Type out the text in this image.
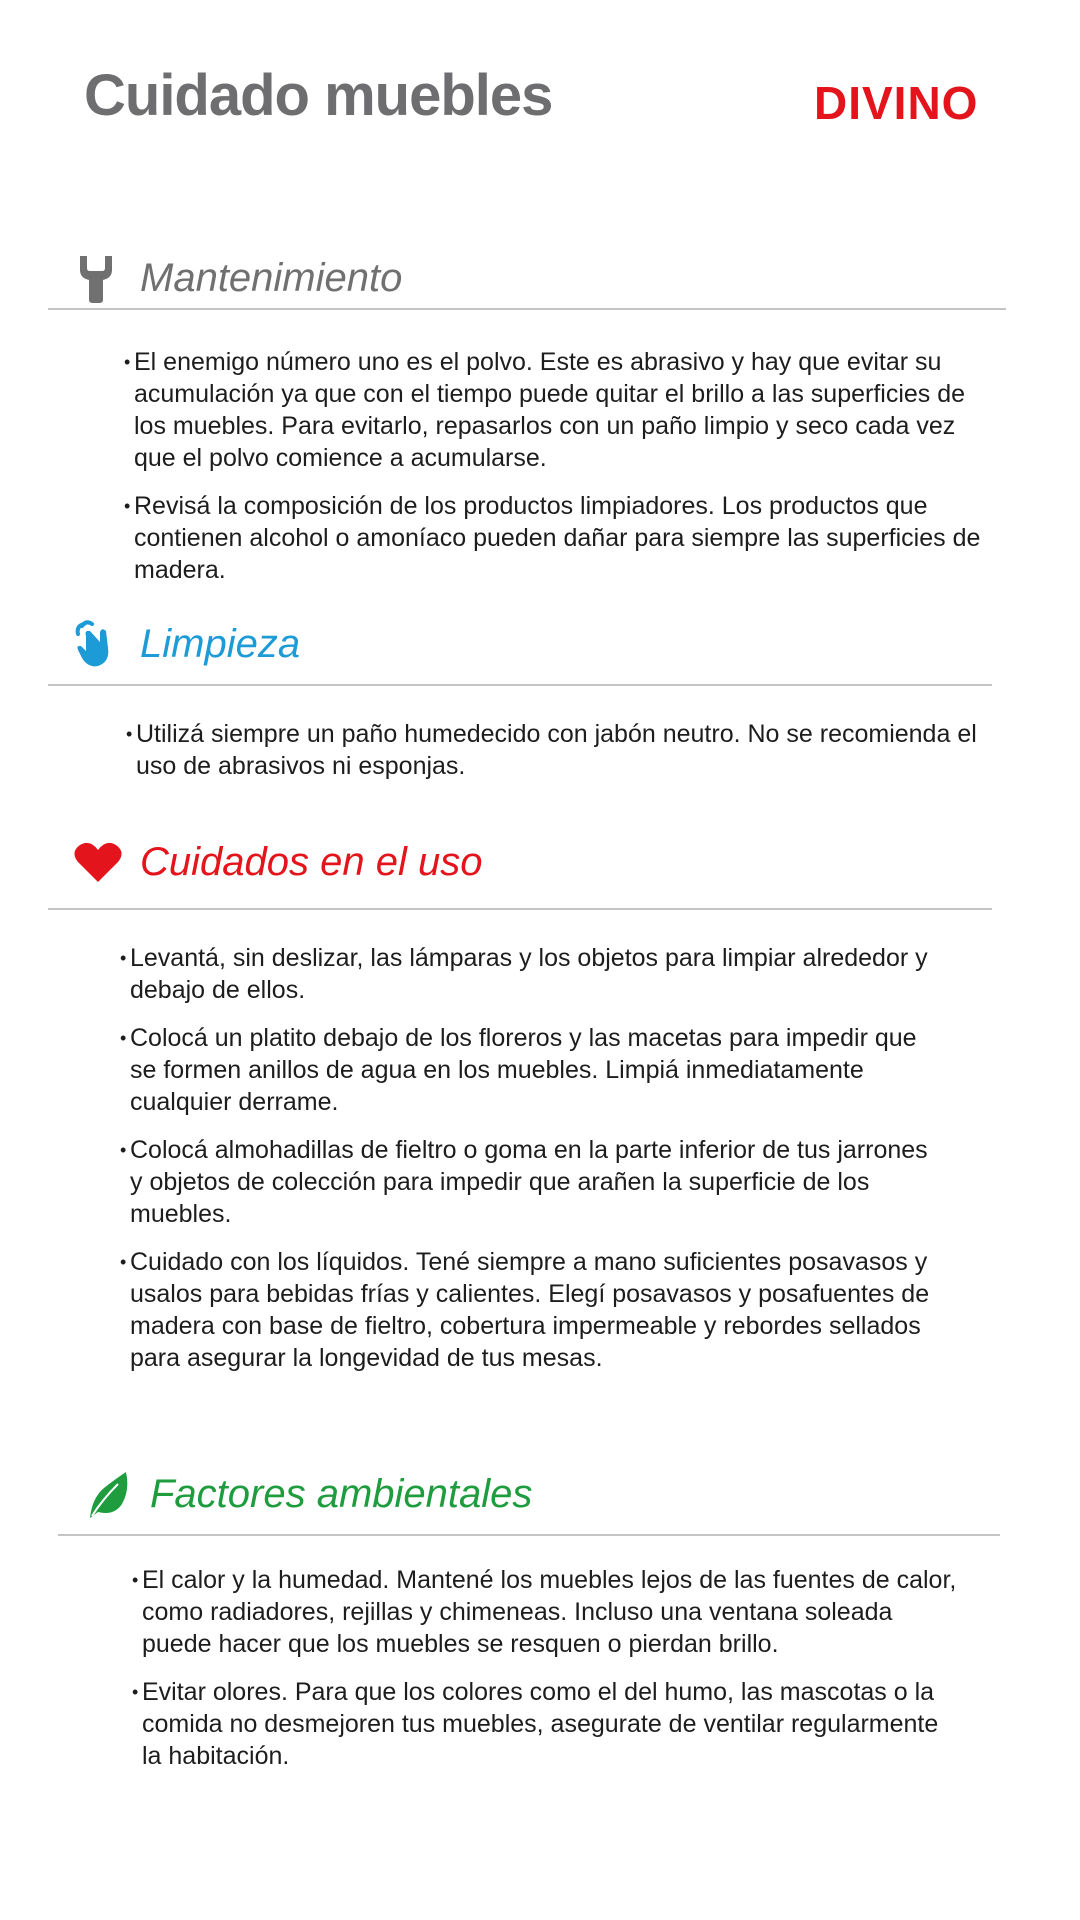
Cuidado muebles	DIVINO
Mantenimiento
• El enemigo número uno es el polvo. Este es abrasivo y hay que evitar su acumulación ya que con el tiempo puede quitar el brillo a las superficies de los muebles. Para evitarlo, repasarlos con un paño limpio y seco cada vez que el polvo comience a acumularse.
• Revisá la composición de los productos limpiadores. Los productos que contienen alcohol o amoníaco pueden dañar para siempre las superficies de madera.
Limpieza
• Utilizá siempre un paño humedecido con jabón neutro. No se recomienda el uso de abrasivos ni esponjas.
Cuidados en el uso
• Levantá, sin deslizar, las lámparas y los objetos para limpiar alrededor y debajo de ellos.
• Colocá un platito debajo de los floreros y las macetas para impedir que se formen anillos de agua en los muebles. Limpiá inmediatamente cualquier derrame.
• Colocá almohadillas de fieltro o goma en la parte inferior de tus jarrones y objetos de colección para impedir que arañen la superficie de los muebles.
• Cuidado con los líquidos. Tené siempre a mano suficientes posavasos y usalos para bebidas frías y calientes. Elegí posavasos y posafuentes de madera con base de fieltro, cobertura impermeable y rebordes sellados para asegurar la longevidad de tus mesas.
Factores ambientales
• El calor y la humedad. Mantené los muebles lejos de las fuentes de calor, como radiadores, rejillas y chimeneas. Incluso una ventana soleada puede hacer que los muebles se resquen o pierdan brillo.
• Evitar olores. Para que los colores como el del humo, las mascotas o la comida no desmejoren tus muebles, asegurate de ventilar regularmente la habitación.
